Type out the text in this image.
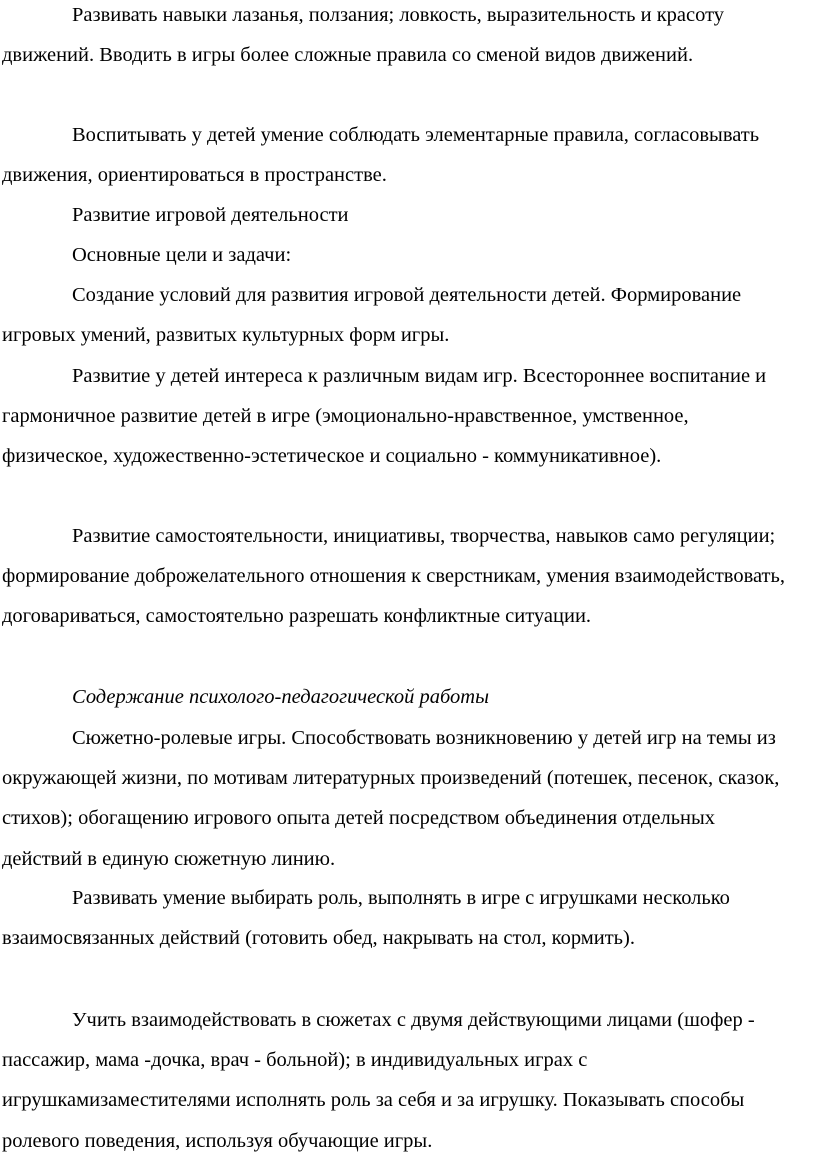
Развивать навыки лазанья, ползания; ловкость, выразительность и красоту движений. Вводить в игры более сложные правила со сменой видов движений.

Воспитывать у детей умение соблюдать элементарные правила, согласовывать движения, ориентироваться в пространстве.

Развитие игровой деятельности

Основные цели и задачи:

Создание условий для развития игровой деятельности детей. Формирование игровых умений, развитых культурных форм игры.

Развитие у детей интереса к различным видам игр. Всестороннее воспитание и гармоничное развитие детей в игре (эмоционально-нравственное, умственное, физическое, художественно-эстетическое и социально - коммуникативное).

Развитие самостоятельности, инициативы, творчества, навыков само регуляции; формирование доброжелательного отношения к сверстникам, умения взаимодействовать, договариваться, самостоятельно разрешать конфликтные ситуации.

Содержание психолого-педагогической работы

Сюжетно-ролевые игры. Способствовать возникновению у детей игр на темы из окружающей жизни, по мотивам литературных произведений (потешек, песенок, сказок, стихов); обогащению игрового опыта детей посредством объединения отдельных действий в единую сюжетную линию.

Развивать умение выбирать роль, выполнять в игре с игрушками несколько взаимосвязанных действий (готовить обед, накрывать на стол, кормить).

Учить взаимодействовать в сюжетах с двумя действующими лицами (шофер - пассажир, мама -дочка, врач - больной); в индивидуальных играх с игрушкамизаместителями исполнять роль за себя и за игрушку. Показывать способы ролевого поведения, используя обучающие игры.
